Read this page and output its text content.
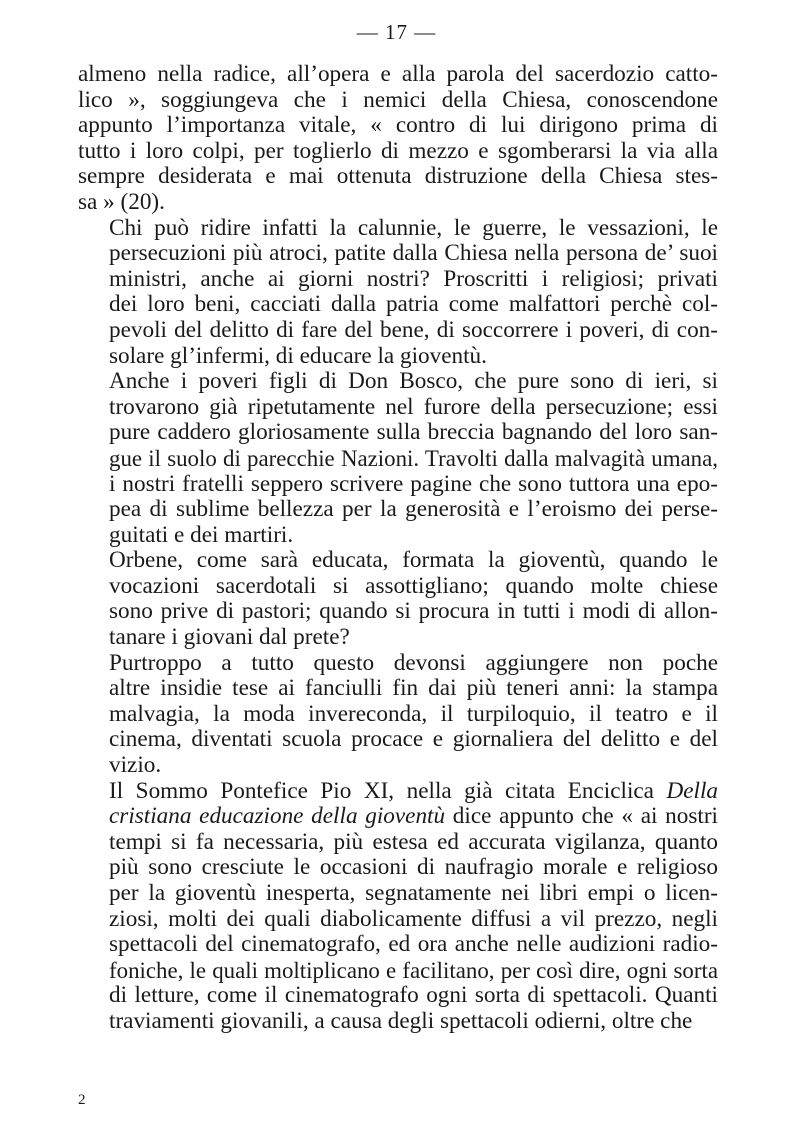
— 17 —

almeno nella radice, all’opera e alla parola del sacerdozio catto-
lico », soggiungeva che i nemici della Chiesa, conoscendone
appunto l’importanza vitale, « contro di lui dirigono prima di
tutto i loro colpi, per toglierlo di mezzo e sgomberarsi la via alla
sempre desiderata e mai ottenuta distruzione della Chiesa stes-
sa » (20).

Chi può ridire infatti la calunnie, le guerre, le vessazioni, le
persecuzioni più atroci, patite dalla Chiesa nella persona de’ suoi
ministri, anche ai giorni nostri? Proscritti i religiosi; privati
dei loro beni, cacciati dalla patria come malfattori perchè col-
pevoli del delitto di fare del bene, di soccorrere i poveri, di con-
solare gl’infermi, di educare la gioventù.

Anche i poveri figli di Don Bosco, che pure sono di ieri, si
trovarono già ripetutamente nel furore della persecuzione; essi
pure caddero gloriosamente sulla breccia bagnando del loro san-
gue il suolo di parecchie Nazioni. Travolti dalla malvagità umana,
i nostri fratelli seppero scrivere pagine che sono tuttora una epo-
pea di sublime bellezza per la generosità e l’eroismo dei perse-
guitati e dei martiri.

Orbene, come sarà educata, formata la gioventù, quando le
vocazioni sacerdotali si assottigliano; quando molte chiese
sono prive di pastori; quando si procura in tutti i modi di allon-
tanare i giovani dal prete?

Purtroppo a tutto questo devonsi aggiungere non poche
altre insidie tese ai fanciulli fin dai più teneri anni: la stampa
malvagia, la moda invereconda, il turpiloquio, il teatro e il
cinema, diventati scuola procace e giornaliera del delitto e del
vizio.

Il Sommo Pontefice Pio XI, nella già citata Enciclica Della
cristiana educazione della gioventù dice appunto che « ai nostri
tempi si fa necessaria, più estesa ed accurata vigilanza, quanto
più sono cresciute le occasioni di naufragio morale e religioso
per la gioventù inesperta, segnatamente nei libri empi o licen-
ziosi, molti dei quali diabolicamente diffusi a vil prezzo, negli
spettacoli del cinematografo, ed ora anche nelle audizioni radio-
foniche, le quali moltiplicano e facilitano, per così dire, ogni sorta
di letture, come il cinematografo ogni sorta di spettacoli. Quanti
traviamenti giovanili, a causa degli spettacoli odierni, oltre che

2
